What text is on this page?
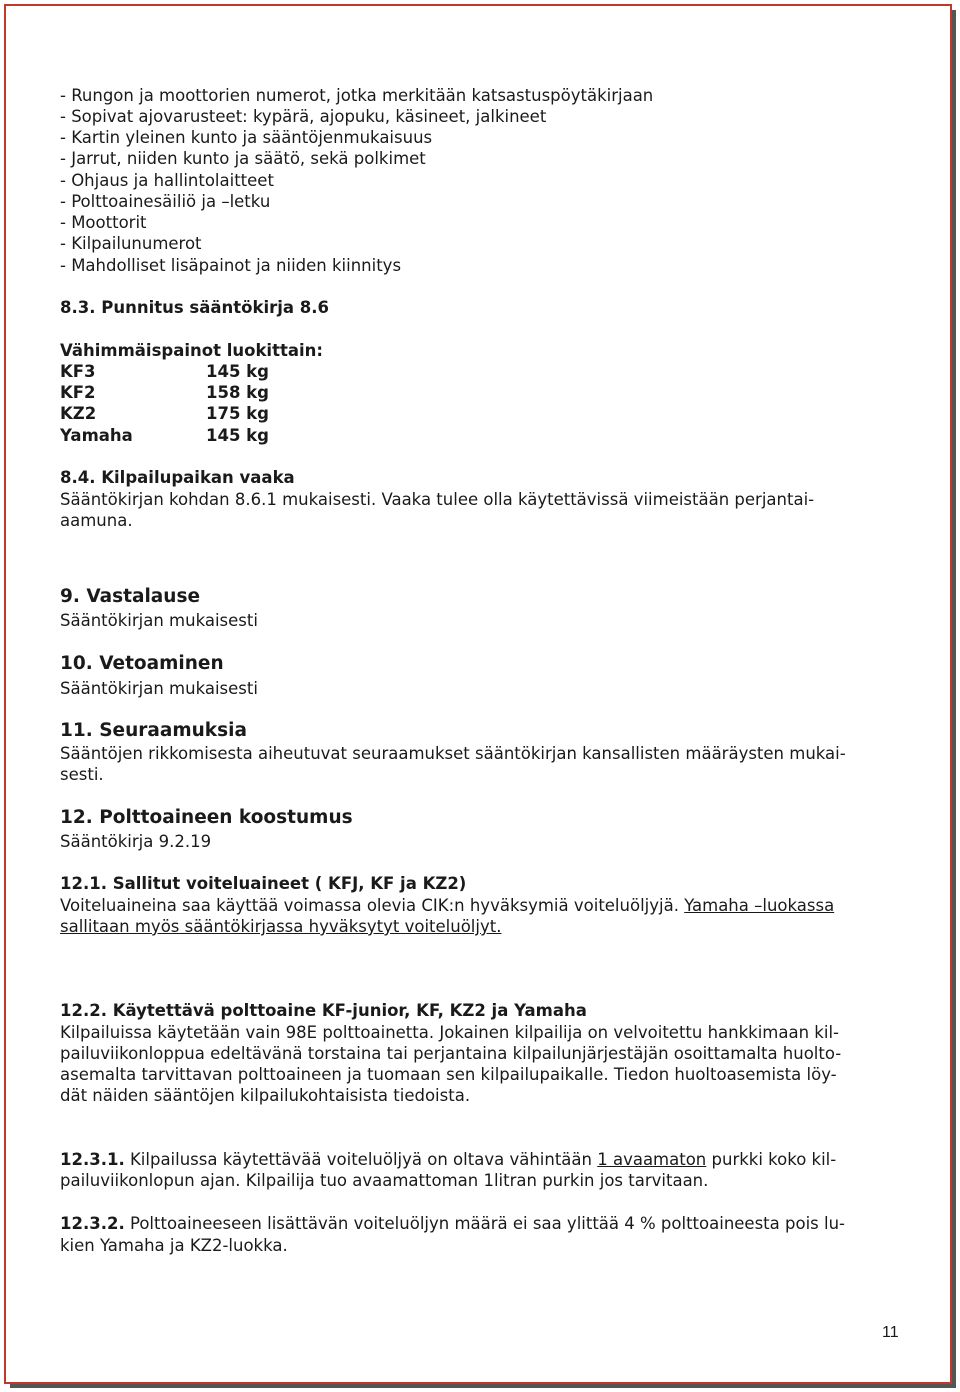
- Rungon ja moottorien numerot, jotka merkitään katsastuspöytäkirjaan
- Sopivat ajovarusteet: kypärä, ajopuku, käsineet, jalkineet
- Kartin yleinen kunto ja sääntöjenmukaisuus
- Jarrut, niiden kunto ja säätö, sekä polkimet
- Ohjaus ja hallintolaitteet
- Polttoainesäiliö ja –letku
- Moottorit
- Kilpailunumerot
- Mahdolliset lisäpainot ja niiden kiinnitys
8.3. Punnitus sääntökirja 8.6
Vähimmäispainot luokittain:
KF3	145 kg
KF2	158 kg
KZ2	175 kg
Yamaha	145 kg
8.4. Kilpailupaikan vaaka
Sääntökirjan kohdan 8.6.1 mukaisesti. Vaaka tulee olla käytettävissä viimeistään perjantai-
aamuna.
9. Vastalause
Sääntökirjan mukaisesti
10. Vetoaminen
Sääntökirjan mukaisesti
11. Seuraamuksia
Sääntöjen rikkomisesta aiheutuvat seuraamukset sääntökirjan kansallisten määräysten mukai-
sesti.
12. Polttoaineen koostumus
Sääntökirja 9.2.19
12.1. Sallitut voiteluaineet ( KFJ, KF ja KZ2)
Voiteluaineina saa käyttää voimassa olevia CIK:n hyväksymiä voiteluöljyjä. Yamaha –luokassa
sallitaan myös sääntökirjassa hyväksytyt voiteluöljyt.
12.2. Käytettävä polttoaine KF-junior, KF, KZ2 ja Yamaha
Kilpailuissa käytetään vain 98E polttoainetta. Jokainen kilpailija on velvoitettu hankkimaan kil-
pailuviikonloppua edeltävänä torstaina tai perjantaina kilpailunjärjestäjän osoittamalta huolto-
asemalta tarvittavan polttoaineen ja tuomaan sen kilpailupaikalle. Tiedon huoltoasemista löy-
dät näiden sääntöjen kilpailukohtaisista tiedoista.
12.3.1. Kilpailussa käytettävää voiteluöljyä on oltava vähintään 1 avaamaton purkki koko kil-
pailuviikonlopun ajan. Kilpailija tuo avaamattoman 1litran purkin jos tarvitaan.
12.3.2. Polttoaineeseen lisättävän voiteluöljyn määrä ei saa ylittää 4 % polttoaineesta pois lu-
kien Yamaha ja KZ2-luokka.
11
